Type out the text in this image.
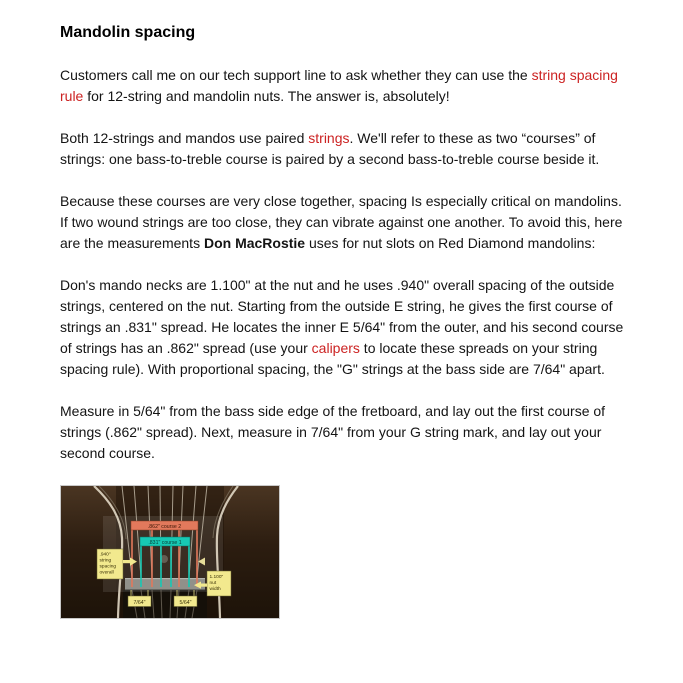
Mandolin spacing

Customers call me on our tech support line to ask whether they can use the string spacing rule for 12-string and mandolin nuts. The answer is, absolutely!

Both 12-strings and mandos use paired strings. We'll refer to these as two “courses” of strings: one bass-to-treble course is paired by a second bass-to-treble course beside it.

Because these courses are very close together, spacing Is especially critical on mandolins. If two wound strings are too close, they can vibrate against one another. To avoid this, here are the measurements Don MacRostie uses for nut slots on Red Diamond mandolins:

Don's mando necks are 1.100" at the nut and he uses .940" overall spacing of the outside strings, centered on the nut. Starting from the outside E string, he gives the first course of strings an .831" spread. He locates the inner E 5/64" from the outer, and his second course of strings has an .862" spread (use your calipers to locate these spreads on your string spacing rule). With proportional spacing, the "G" strings at the bass side are 7/64" apart.

Measure in 5/64" from the bass side edge of the fretboard, and lay out the first course of strings (.862" spread). Next, measure in 7/64" from your G string mark, and lay out your second course.

.862" course 2
.831" course 1
.940"
string
spacing
overall
1.100"
nut
width
7/64"	5/64"
